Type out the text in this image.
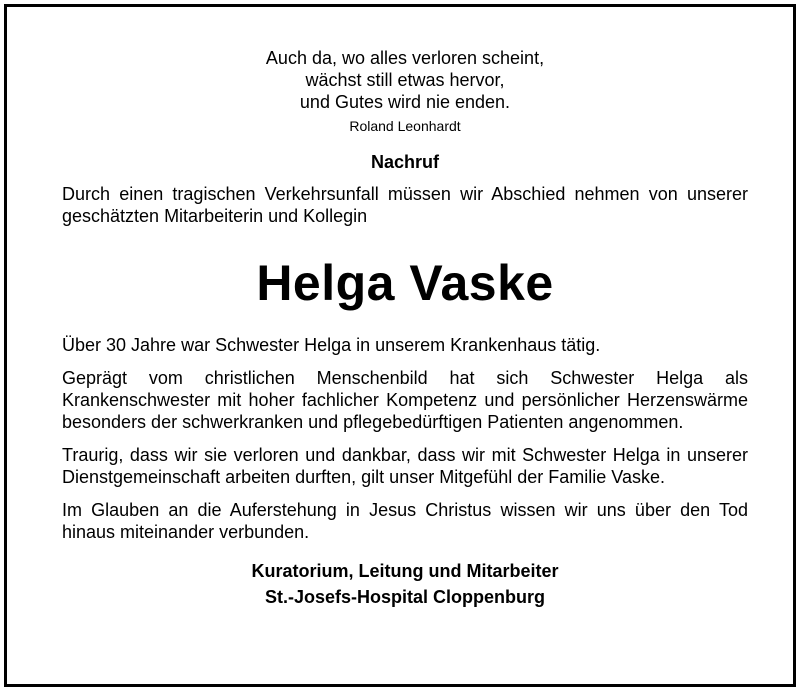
Auch da, wo alles verloren scheint,
wächst still etwas hervor,
und Gutes wird nie enden.
Roland Leonhardt
Nachruf
Durch einen tragischen Verkehrsunfall müssen wir Abschied nehmen von unserer geschätzten Mitarbeiterin und Kollegin
Helga Vaske
Über 30 Jahre war Schwester Helga in unserem Krankenhaus tätig.
Geprägt vom christlichen Menschenbild hat sich Schwester Helga als Krankenschwester mit hoher fachlicher Kompetenz und persönlicher Herzenswärme besonders der schwerkranken und pflegebedürftigen Patienten angenommen.
Traurig, dass wir sie verloren und dankbar, dass wir mit Schwester Helga in unserer Dienstgemeinschaft arbeiten durften, gilt unser Mitgefühl der Familie Vaske.
Im Glauben an die Auferstehung in Jesus Christus wissen wir uns über den Tod hinaus miteinander verbunden.
Kuratorium, Leitung und Mitarbeiter
St.-Josefs-Hospital Cloppenburg
